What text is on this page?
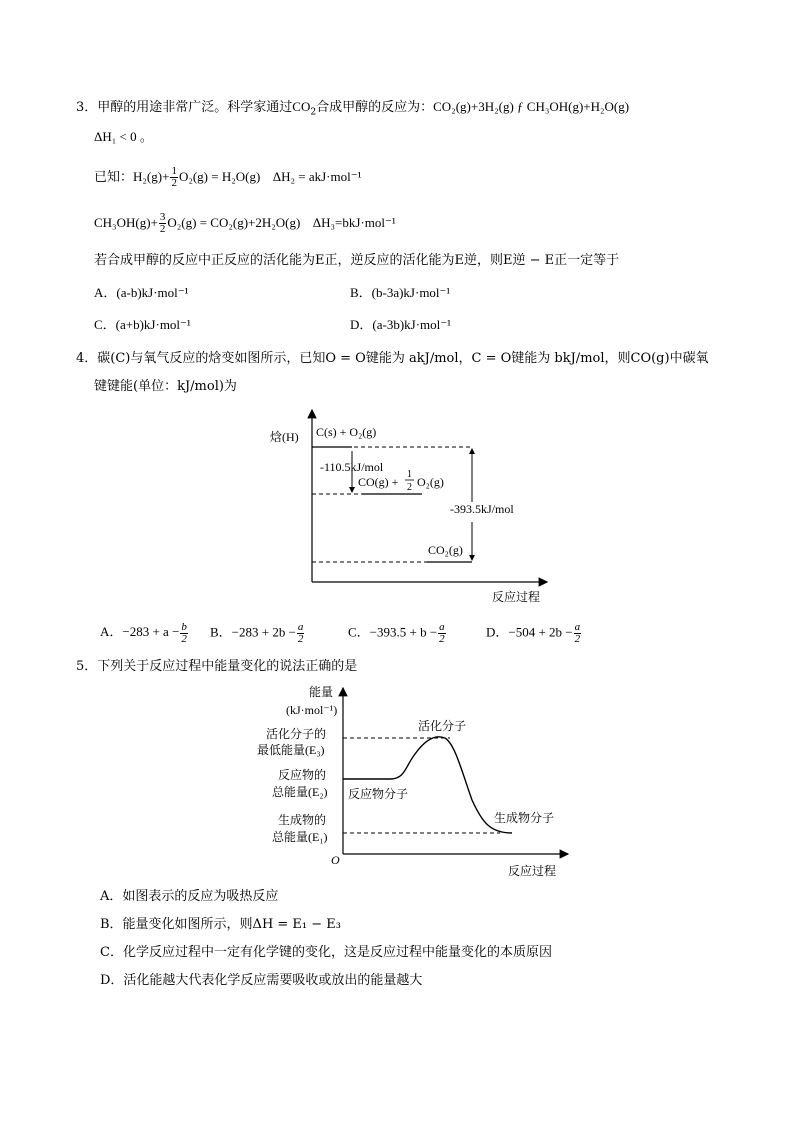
3．甲醇的用途非常广泛。科学家通过$CO_2$合成甲醇的反应为：CO₂(g)+3H₂(g) ƒ CH₃OH(g)+H₂O(g)
ΔH₁ < 0 。
已知：$H_2(g)+ \frac{1}{2} O_2(g) = H_2O(g) \Delta H_2 = akJ\cdot mol^{-1}$
$CH_3OH(g)+ \frac{3}{2} O_2(g) = CO_2(g)+2H_2O(g)$ ΔH₃=bkJ·mol⁻¹
若合成甲醇的反应中正反应的活化能为E正，逆反应的活化能为E逆，则E逆 − E正一定等于
A．(a-b)kJ·mol⁻¹	B．(b-3a)kJ·mol⁻¹
C．(a+b)kJ·mol⁻¹	D．(a-3b)kJ·mol⁻¹
4．碳(C)与氧气反应的焓变如图所示，已知O = O键能为 akJ/mol，C = O键能为 bkJ/mol，则CO(g)中碳氧
键键能(单位：kJ/mol)为
焓(H) C(s) + O₂(g)
-110.5kJ/mol
CO(g) +
1
2 O₂(g)
-393.5kJ/mol
CO₂(g)
反应过程
A．$-283 + a - \frac{b}{2}$ B．$-283 + 2b - \frac{a}{2}$	C．$-393.5 + b - \frac{a}{2}$	D．$-504 + 2b - \frac{a}{2}$
5．下列关于反应过程中能量变化的说法正确的是
能量
(kJ·mol⁻¹)
活化分子的
最低能量(E₃)
反应物的
总能量(E₂)
生成物的
总能量(E₁)
O
活化分子
反应物分子
生成物分子
反应过程
A．如图表示的反应为吸热反应
B．能量变化如图所示，则ΔH = E₁ − E₃
C．化学反应过程中一定有化学键的变化，这是反应过程中能量变化的本质原因
D．活化能越大代表化学反应需要吸收或放出的能量越大
